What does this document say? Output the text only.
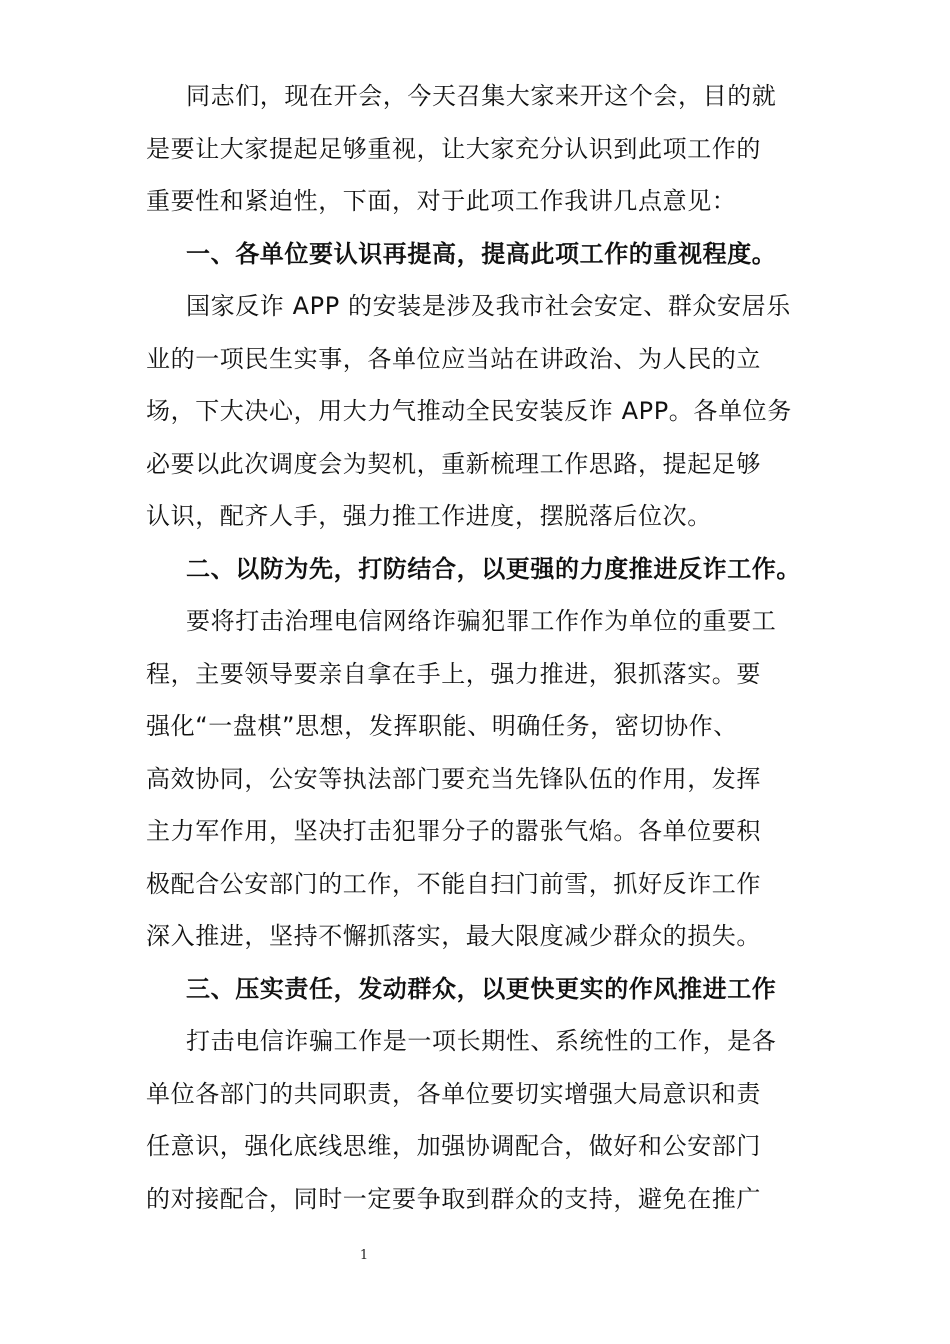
同志们，现在开会，今天召集大家来开这个会，目的就
是要让大家提起足够重视，让大家充分认识到此项工作的
重要性和紧迫性，下面，对于此项工作我讲几点意见：
一、各单位要认识再提高，提高此项工作的重视程度。
国家反诈 APP 的安装是涉及我市社会安定、群众安居乐
业的一项民生实事，各单位应当站在讲政治、为人民的立
场，下大决心，用大力气推动全民安装反诈 APP。各单位务
必要以此次调度会为契机，重新梳理工作思路，提起足够
认识，配齐人手，强力推工作进度，摆脱落后位次。
二、以防为先，打防结合，以更强的力度推进反诈工作。
要将打击治理电信网络诈骗犯罪工作作为单位的重要工
程，主要领导要亲自拿在手上，强力推进，狠抓落实。要
强化“一盘棋”思想，发挥职能、明确任务，密切协作、
高效协同，公安等执法部门要充当先锋队伍的作用，发挥
主力军作用，坚决打击犯罪分子的嚣张气焰。各单位要积
极配合公安部门的工作，不能自扫门前雪，抓好反诈工作
深入推进，坚持不懈抓落实，最大限度减少群众的损失。
三、压实责任，发动群众，以更快更实的作风推进工作
打击电信诈骗工作是一项长期性、系统性的工作，是各
单位各部门的共同职责，各单位要切实增强大局意识和责
任意识，强化底线思维，加强协调配合，做好和公安部门
的对接配合，同时一定要争取到群众的支持，避免在推广
1
